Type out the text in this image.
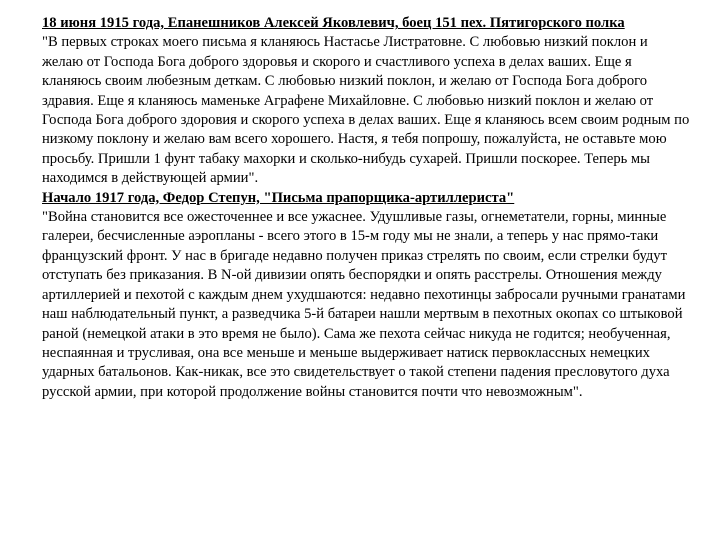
18 июня 1915 года, Епанешников Алексей Яковлевич, боец 151 пех. Пятигорского полка

"В первых строках моего письма я кланяюсь Настасье Листратовне. С любовью низкий поклон и желаю от Господа Бога доброго здоровья и скорого и счастливого успеха в делах ваших. Еще я кланяюсь своим любезным деткам. С любовью низкий поклон, и желаю от Господа Бога доброго здравия. Еще я кланяюсь маменьке Аграфене Михайловне. С любовью низкий поклон и желаю от Господа Бога доброго здоровия и скорого успеха в делах ваших. Еще я кланяюсь всем своим родным по низкому поклону и желаю вам всего хорошего. Настя, я тебя попрошу, пожалуйста, не оставьте мою просьбу. Пришли 1 фунт табаку махорки и сколько-нибудь сухарей. Пришли поскорее. Теперь мы находимся в действующей армии".

Начало 1917 года, Федор Степун, "Письма прапорщика-артиллериста"

"Война становится все ожесточеннее и все ужаснее. Удушливые газы, огнеметатели, горны, минные галереи, бесчисленные аэропланы - всего этого в 15-м году мы не знали, а теперь у нас прямо-таки французский фронт. У нас в бригаде недавно получен приказ стрелять по своим, если стрелки будут отступать без приказания. В N-ой дивизии опять беспорядки и опять расстрелы. Отношения между артиллерией и пехотой с каждым днем ухудшаются: недавно пехотинцы забросали ручными гранатами наш наблюдательный пункт, а разведчика 5-й батареи нашли мертвым в пехотных окопах со штыковой раной (немецкой атаки в это время не было). Сама же пехота сейчас никуда не годится; необученная, неспаянная и трусливая, она все меньше и меньше выдерживает натиск первоклассных немецких ударных батальонов. Как-никак, все это свидетельствует о такой степени падения пресловутого духа русской армии, при которой продолжение войны становится почти что невозможным".
